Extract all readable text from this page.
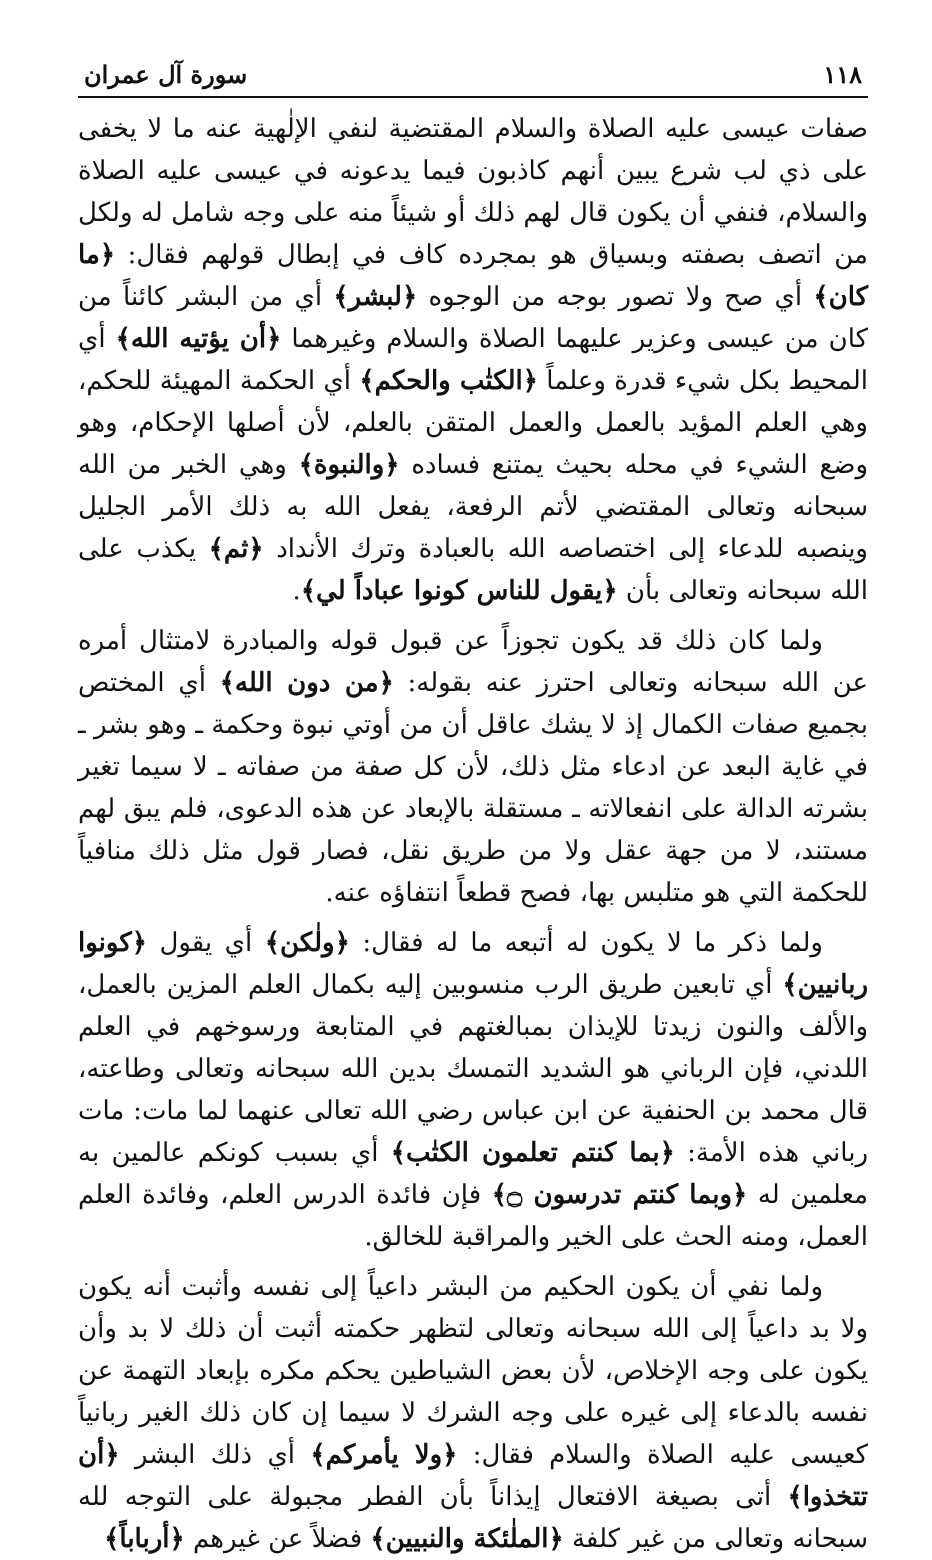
١١٨
سورة آل عمران

صفات عيسى عليه الصلاة والسلام المقتضية لنفي الإلٰهية عنه ما لا يخفى على ذي لب شرع يبين أنهم كاذبون فيما يدعونه في عيسى عليه الصلاة والسلام، فنفي أن يكون قال لهم ذلك أو شيئاً منه على وجه شامل له ولكل من اتصف بصفته وبسياق هو بمجرده كاف في إبطال قولهم فقال: ﴿ما كان﴾ أي صح ولا تصور بوجه من الوجوه ﴿لبشر﴾ أي من البشر كائناً من كان من عيسى وعزير عليهما الصلاة والسلام وغيرهما ﴿أن يؤتيه الله﴾ أي المحيط بكل شيء قدرة وعلماً ﴿الكتٰب والحكم﴾ أي الحكمة المهيئة للحكم، وهي العلم المؤيد بالعمل والعمل المتقن بالعلم، لأن أصلها الإحكام، وهو وضع الشيء في محله بحيث يمتنع فساده ﴿والنبوة﴾ وهي الخبر من الله سبحانه وتعالى المقتضي لأتم الرفعة، يفعل الله به ذلك الأمر الجليل وينصبه للدعاء إلى اختصاصه الله بالعبادة وترك الأنداد ﴿ثم﴾ يكذب على الله سبحانه وتعالى بأن ﴿يقول للناس كونوا عباداً لي﴾.

ولما كان ذلك قد يكون تجوزاً عن قبول قوله والمبادرة لامتثال أمره عن الله سبحانه وتعالى احترز عنه بقوله: ﴿من دون الله﴾ أي المختص بجميع صفات الكمال إذ لا يشك عاقل أن من أوتي نبوة وحكمة ـ وهو بشر ـ في غاية البعد عن ادعاء مثل ذلك، لأن كل صفة من صفاته ـ لا سيما تغير بشرته الدالة على انفعالاته ـ مستقلة بالإبعاد عن هذه الدعوى، فلم يبق لهم مستند، لا من جهة عقل ولا من طريق نقل، فصار قول مثل ذلك منافياً للحكمة التي هو متلبس بها، فصح قطعاً انتفاؤه عنه.

ولما ذكر ما لا يكون له أتبعه ما له فقال: ﴿ولٰكن﴾ أي يقول ﴿كونوا ربانيين﴾ أي تابعين طريق الرب منسوبين إليه بكمال العلم المزين بالعمل، والألف والنون زيدتا للإيذان بمبالغتهم في المتابعة ورسوخهم في العلم اللدني، فإن الرباني هو الشديد التمسك بدين الله سبحانه وتعالى وطاعته، قال محمد بن الحنفية عن ابن عباس رضي الله تعالى عنهما لما مات: مات رباني هذه الأمة: ﴿بما كنتم تعلمون الكتٰب﴾ أي بسبب كونكم عالمين به معلمين له ﴿وبما كنتم تدرسون ۝﴾ فإن فائدة الدرس العلم، وفائدة العلم العمل، ومنه الحث على الخير والمراقبة للخالق.

ولما نفي أن يكون الحكيم من البشر داعياً إلى نفسه وأثبت أنه يكون ولا بد داعياً إلى الله سبحانه وتعالى لتظهر حكمته أثبت أن ذلك لا بد وأن يكون على وجه الإخلاص، لأن بعض الشياطين يحكم مكره بإبعاد التهمة عن نفسه بالدعاء إلى غيره على وجه الشرك لا سيما إن كان ذلك الغير ربانياً كعيسى عليه الصلاة والسلام فقال: ﴿ولا يأمركم﴾ أي ذلك البشر ﴿أن تتخذوا﴾ أتى بصيغة الافتعال إيذاناً بأن الفطر مجبولة على التوجه لله سبحانه وتعالى من غير كلفة ﴿الملٰئكة والنبيين﴾ فضلاً عن غيرهم ﴿أرباباً﴾
